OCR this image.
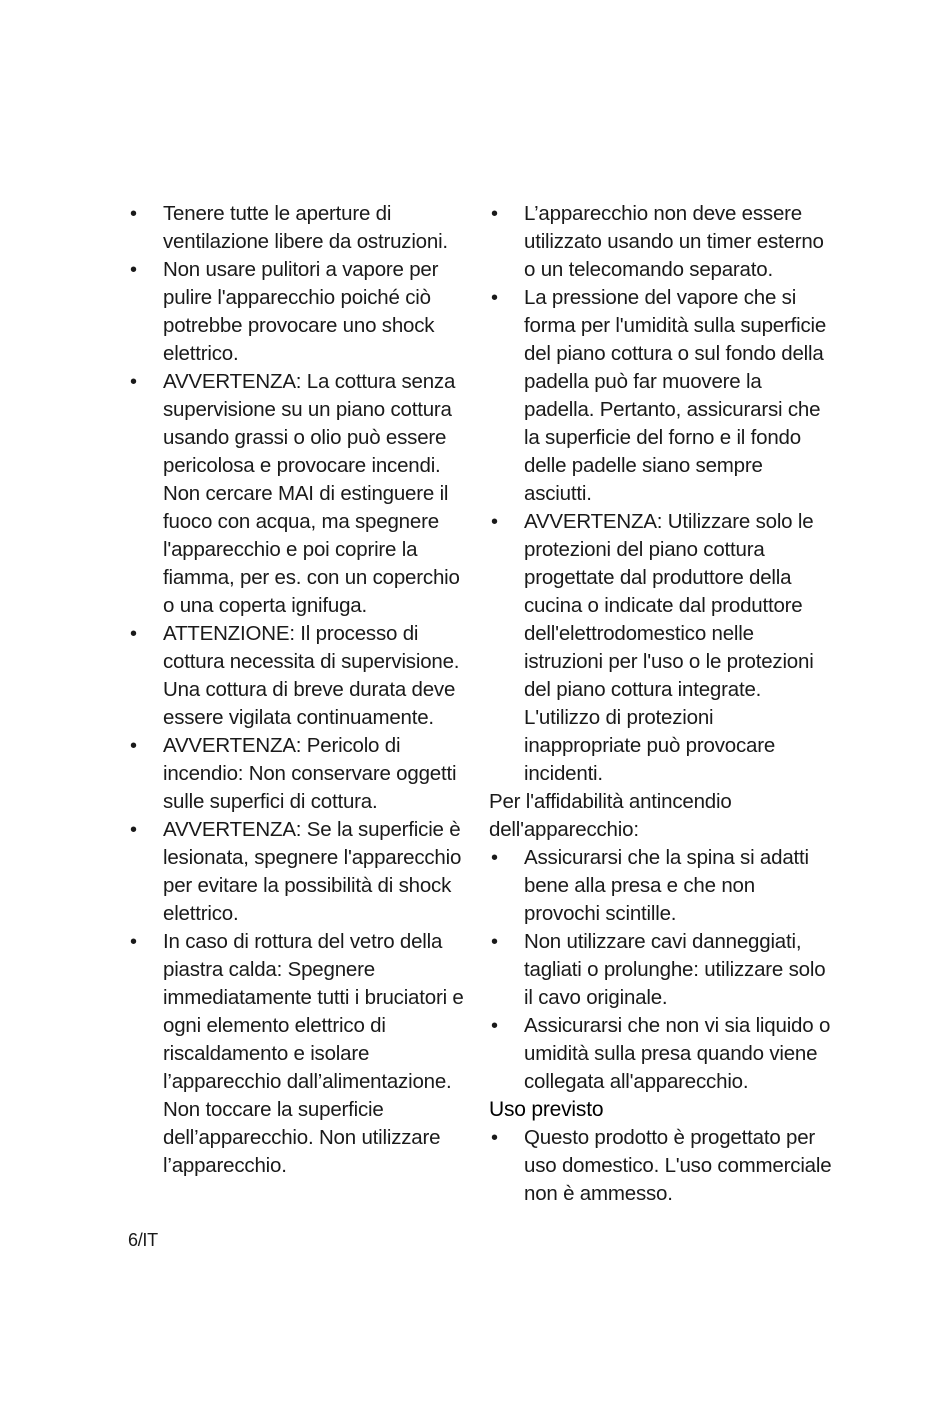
• Tenere tutte le aperture di ventilazione libere da ostruzioni.
• Non usare pulitori a vapore per pulire l'apparecchio poiché ciò potrebbe provocare uno shock elettrico.
• AVVERTENZA: La cottura senza supervisione su un piano cottura usando grassi o olio può essere pericolosa e provocare incendi. Non cercare MAI di estinguere il fuoco con acqua, ma spegnere l'apparecchio e poi coprire la fiamma, per es. con un coperchio o una coperta ignifuga.
• ATTENZIONE: Il processo di cottura necessita di supervisione. Una cottura di breve durata deve essere vigilata continuamente.
• AVVERTENZA: Pericolo di incendio: Non conservare oggetti sulle superfici di cottura.
• AVVERTENZA: Se la superficie è lesionata, spegnere l'apparecchio per evitare la possibilità di shock elettrico.
• In caso di rottura del vetro della piastra calda: Spegnere immediatamente tutti i bruciatori e ogni elemento elettrico di riscaldamento e isolare l’apparecchio dall’alimentazione. Non toccare la superficie dell’apparecchio. Non utilizzare l’apparecchio.
• L’apparecchio non deve essere utilizzato usando un timer esterno o un telecomando separato.
• La pressione del vapore che si forma per l'umidità sulla superficie del piano cottura o sul fondo della padella può far muovere la padella. Pertanto, assicurarsi che la superficie del forno e il fondo delle padelle siano sempre asciutti.
• AVVERTENZA: Utilizzare solo le protezioni del piano cottura progettate dal produttore della cucina o indicate dal produttore dell'elettrodomestico nelle istruzioni per l'uso o le protezioni del piano cottura integrate. L'utilizzo di protezioni inappropriate può provocare incidenti.

Per l'affidabilità antincendio dell'apparecchio:

• Assicurarsi che la spina si adatti bene alla presa e che non provochi scintille.
• Non utilizzare cavi danneggiati, tagliati o prolunghe: utilizzare solo il cavo originale.
• Assicurarsi che non vi sia liquido o umidità sulla presa quando viene collegata all'apparecchio.
Uso previsto
• Questo prodotto è progettato per uso domestico. L'uso commerciale non è ammesso.
6/IT
